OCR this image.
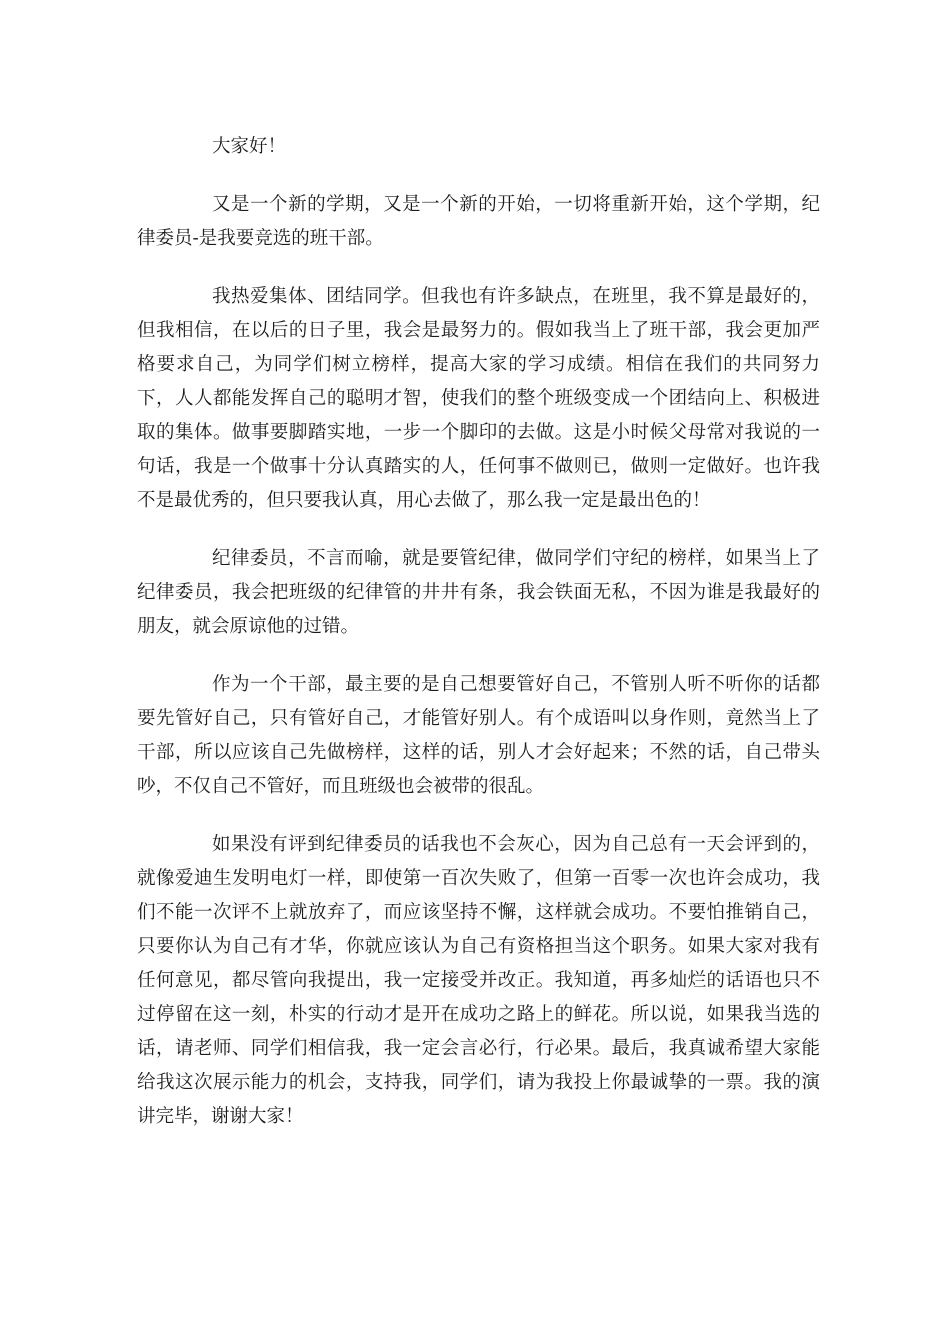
大家好！

又是一个新的学期，又是一个新的开始，一切将重新开始，这个学期，纪律委员-是我要竞选的班干部。

我热爱集体、团结同学。但我也有许多缺点，在班里，我不算是最好的，但我相信，在以后的日子里，我会是最努力的。假如我当上了班干部，我会更加严格要求自己，为同学们树立榜样，提高大家的学习成绩。相信在我们的共同努力下，人人都能发挥自己的聪明才智，使我们的整个班级变成一个团结向上、积极进取的集体。做事要脚踏实地，一步一个脚印的去做。这是小时候父母常对我说的一句话，我是一个做事十分认真踏实的人，任何事不做则已，做则一定做好。也许我不是最优秀的，但只要我认真，用心去做了，那么我一定是最出色的！

纪律委员，不言而喻，就是要管纪律，做同学们守纪的榜样，如果当上了纪律委员，我会把班级的纪律管的井井有条，我会铁面无私，不因为谁是我最好的朋友，就会原谅他的过错。

作为一个干部，最主要的是自己想要管好自己，不管别人听不听你的话都要先管好自己，只有管好自己，才能管好别人。有个成语叫以身作则，竟然当上了干部，所以应该自己先做榜样，这样的话，别人才会好起来；不然的话，自己带头吵，不仅自己不管好，而且班级也会被带的很乱。

如果没有评到纪律委员的话我也不会灰心，因为自己总有一天会评到的，就像爱迪生发明电灯一样，即使第一百次失败了，但第一百零一次也许会成功，我们不能一次评不上就放弃了，而应该坚持不懈，这样就会成功。不要怕推销自己，只要你认为自己有才华，你就应该认为自己有资格担当这个职务。如果大家对我有任何意见，都尽管向我提出，我一定接受并改正。我知道，再多灿烂的话语也只不过停留在这一刻，朴实的行动才是开在成功之路上的鲜花。所以说，如果我当选的话，请老师、同学们相信我，我一定会言必行，行必果。最后，我真诚希望大家能给我这次展示能力的机会，支持我，同学们，请为我投上你最诚挚的一票。我的演讲完毕，谢谢大家！
